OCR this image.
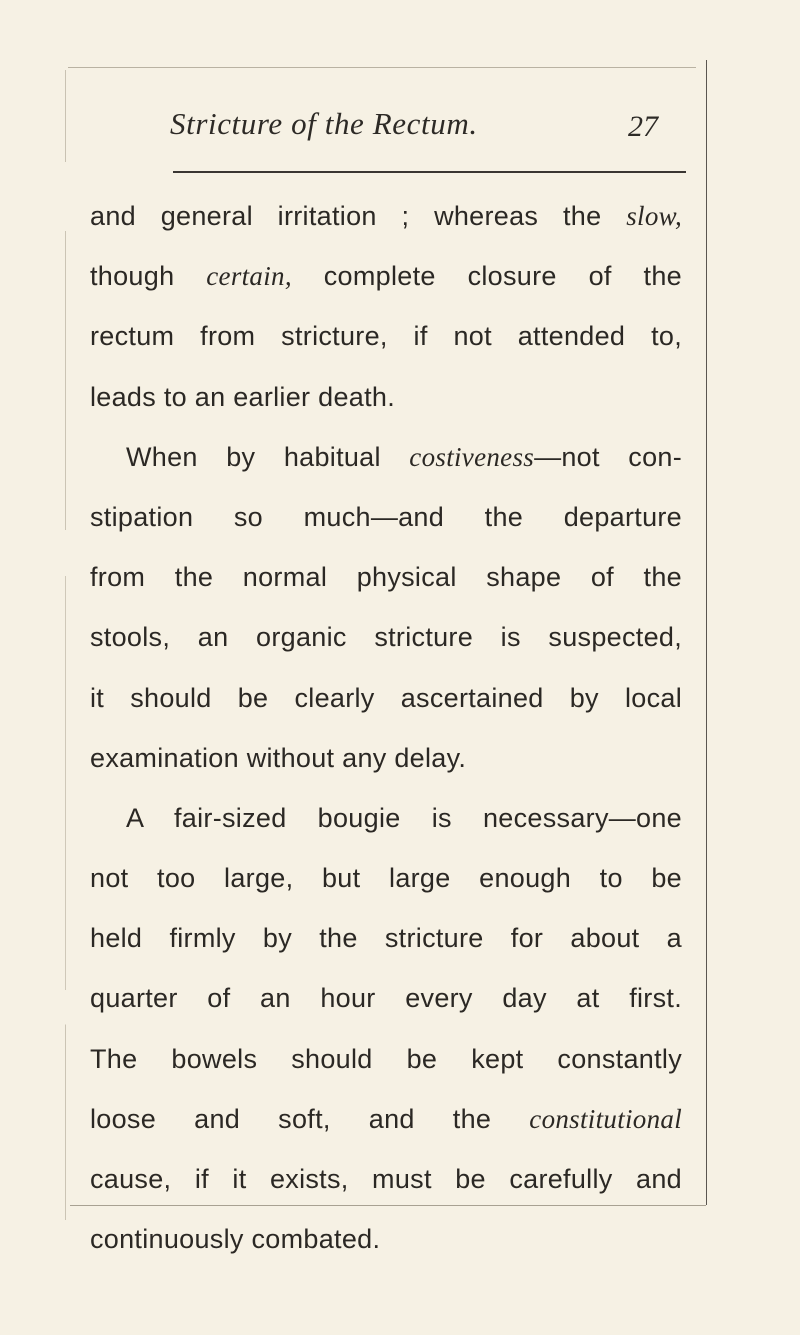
Stricture of the Rectum.	27
and general irritation ; whereas the slow,
though certain, complete closure of the
rectum from stricture, if not attended to,
leads to an earlier death.
When by habitual costiveness—not con-
stipation so much—and the departure
from the normal physical shape of the
stools, an organic stricture is suspected,
it should be clearly ascertained by local
examination without any delay.
A fair-sized bougie is necessary—one
not too large, but large enough to be
held firmly by the stricture for about a
quarter of an hour every day at first.
The bowels should be kept constantly
loose and soft, and the constitutional
cause, if it exists, must be carefully and
continuously combated.
